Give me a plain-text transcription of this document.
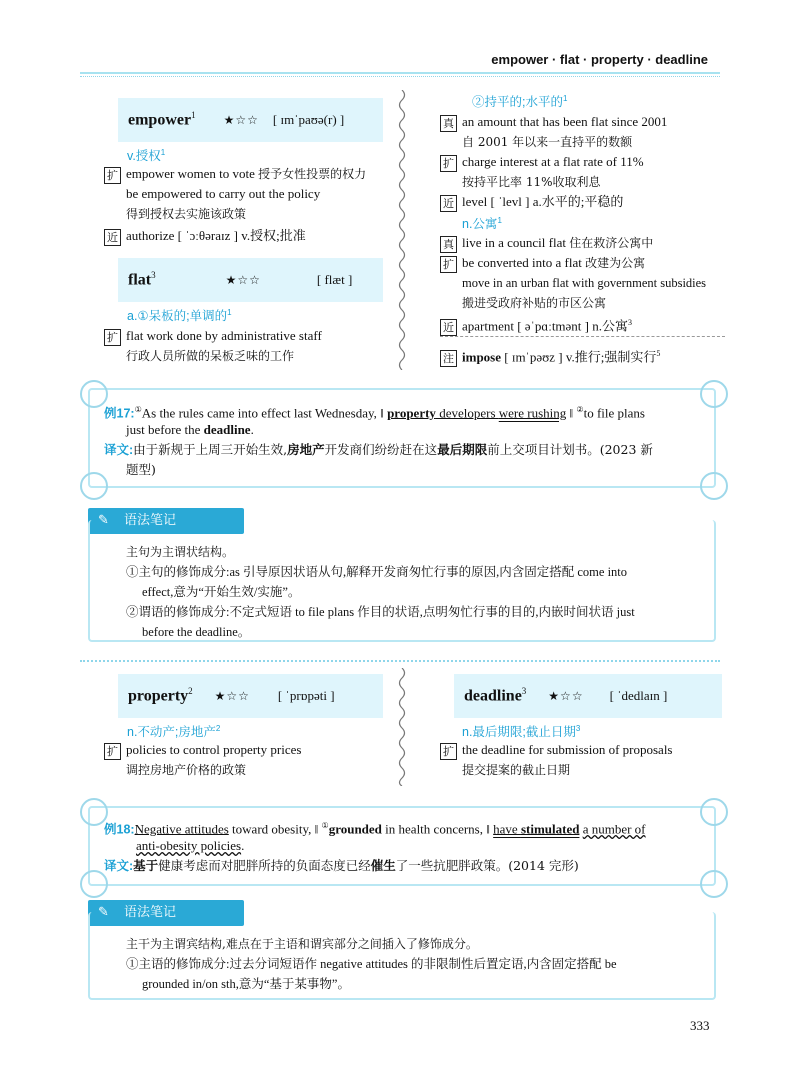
empower · flat · property · deadline
empower$^1$ ★☆☆ [ ɪmˈpaʊə(r) ]
v.授权$^1$
扩 empower women to vote 授予女性投票的权力
be empowered to carry out the policy
得到授权去实施该政策
近 authorize [ ˈɔːθəraɪz ] v.授权;批准
flat$^3$	★☆☆	[ flæt ]
a.①呆板的;单调的$^1$
扩 flat work done by administrative staff
行政人员所做的呆板乏味的工作
②持平的;水平的$^1$
真 an amount that has been flat since 2001
自 2001 年以来一直持平的数额
扩 charge interest at a flat rate of 11%
按持平比率 11%收取利息
近 level [ ˈlevl ] a.水平的;平稳的
n.公寓$^1$
真 live in a council flat 住在救济公寓中
扩 be converted into a flat 改建为公寓
move in an urban flat with government subsidies
搬进受政府补贴的市区公寓
近 apartment [ əˈpɑːtmənt ] n.公寓$^3$
注 impose [ ɪmˈpəʊz ] v.推行;强制实行$^5$
例17:①As the rules came into effect last Wednesday, ‖ property developers were rushing ‖ ②to file plans
just before the deadline.
译文:由于新规于上周三开始生效,房地产开发商们纷纷赶在这最后期限前上交项目计划书。(2023 新
题型)
✎ 语法笔记
主句为主谓状结构。
①主句的修饰成分:as 引导原因状语从句,解释开发商匆忙行事的原因,内含固定搭配 come into
effect,意为“开始生效/实施”。
②谓语的修饰成分:不定式短语 to file plans 作目的状语,点明匆忙行事的目的,内嵌时间状语 just
before the deadline。
property$^2$ ★☆☆ [ ˈprɒpəti ]
n.不动产;房地产$^2$
扩 policies to control property prices
调控房地产价格的政策
deadline$^3$ ★☆☆ [ ˈdedlaɪn ]
n.最后期限;截止日期$^3$
扩 the deadline for submission of proposals
提交提案的截止日期
例18:Negative attitudes toward obesity, ‖ ①grounded in health concerns, ‖ have stimulated a number of
anti-obesity policies.
译文:基于健康考虑而对肥胖所持的负面态度已经催生了一些抗肥胖政策。(2014 完形)
✎ 语法笔记
主干为主谓宾结构,难点在于主语和谓宾部分之间插入了修饰成分。
①主语的修饰成分:过去分词短语作 negative attitudes 的非限制性后置定语,内含固定搭配 be
grounded in/on sth,意为“基于某事物”。
333
